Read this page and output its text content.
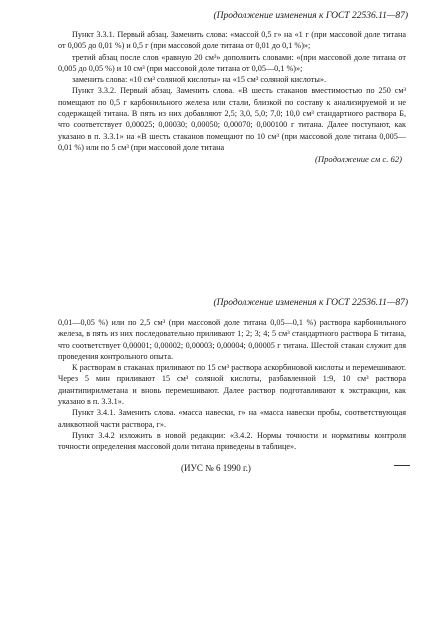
(Продолжение изменения к ГОСТ 22536.11—87)

Пункт 3.3.1. Первый абзац. Заменить слова: «массой 0,5 г» на «1 г (при массовой доле титана от 0,005 до 0,01 %) и 0,5 г (при массовой доле титана от 0,01 до 0,1 %)»;

третий абзац после слов «равную 20 см³» дополнить словами: «(при массовой доле титана от 0,005 до 0,05 %) и 10 см³ (при массовой доле титана от 0,05—0,1 %)»;

заменить слова: «10 см³ соляной кислоты» на «15 см³ соляной кислоты».

Пункт 3.3.2. Первый абзац. Заменить слова. «В шесть стаканов вместимостью по 250 см³ помещают по 0,5 г карбонильного железа или стали, близкой по составу к анализируемой и не содержащей титана. В пять из них добавляют 2,5; 3,0, 5,0; 7,0; 10,0 см³ стандартного раствора Б, что соответствует 0,00025; 0,00030; 0,00050; 0,00070; 0,000100 г титана. Далее поступают, как указано в п. 3.3.1» на «В шесть стаканов помещают по 10 см³ (при массовой доле титана 0,005—0,01 %) или по 5 см³ (при массовой доле титана

(Продолжение см с. 62)
(Продолжение изменения к ГОСТ 22536.11—87)

0,01—0,05 %) или по 2,5 см³ (при массовой доле титана 0,05—0,1 %) раствора карбонильного железа, в пять из них последовательно приливают 1; 2; 3; 4; 5 см³ стандартного раствора Б титана, что соответствует 0,00001; 0,00002; 0,00003; 0,00004; 0,00005 г титана. Шестой стакан служит для проведения контрольного опыта.

К растворам в стаканах приливают по 15 см³ раствора аскорбиновой кислоты и перемешивают. Через 5 мин приливают 15 см³ соляной кислоты, разбавленной 1:9, 10 см³ раствора диантипирилметана и вновь перемешивают. Далее раствор подготавливают к экстракции, как указано в п. 3.3.1».

Пункт 3.4.1. Заменить слова. «масса навески, г» на «масса навески пробы, соответствующая аликвотной части раствора, г».

Пункт 3.4.2 изложить в новой редакции: «3.4.2. Нормы точности и нормативы контроля точности определения массовой доли титана приведены в таблице».

(ИУС № 6 1990 г.)
